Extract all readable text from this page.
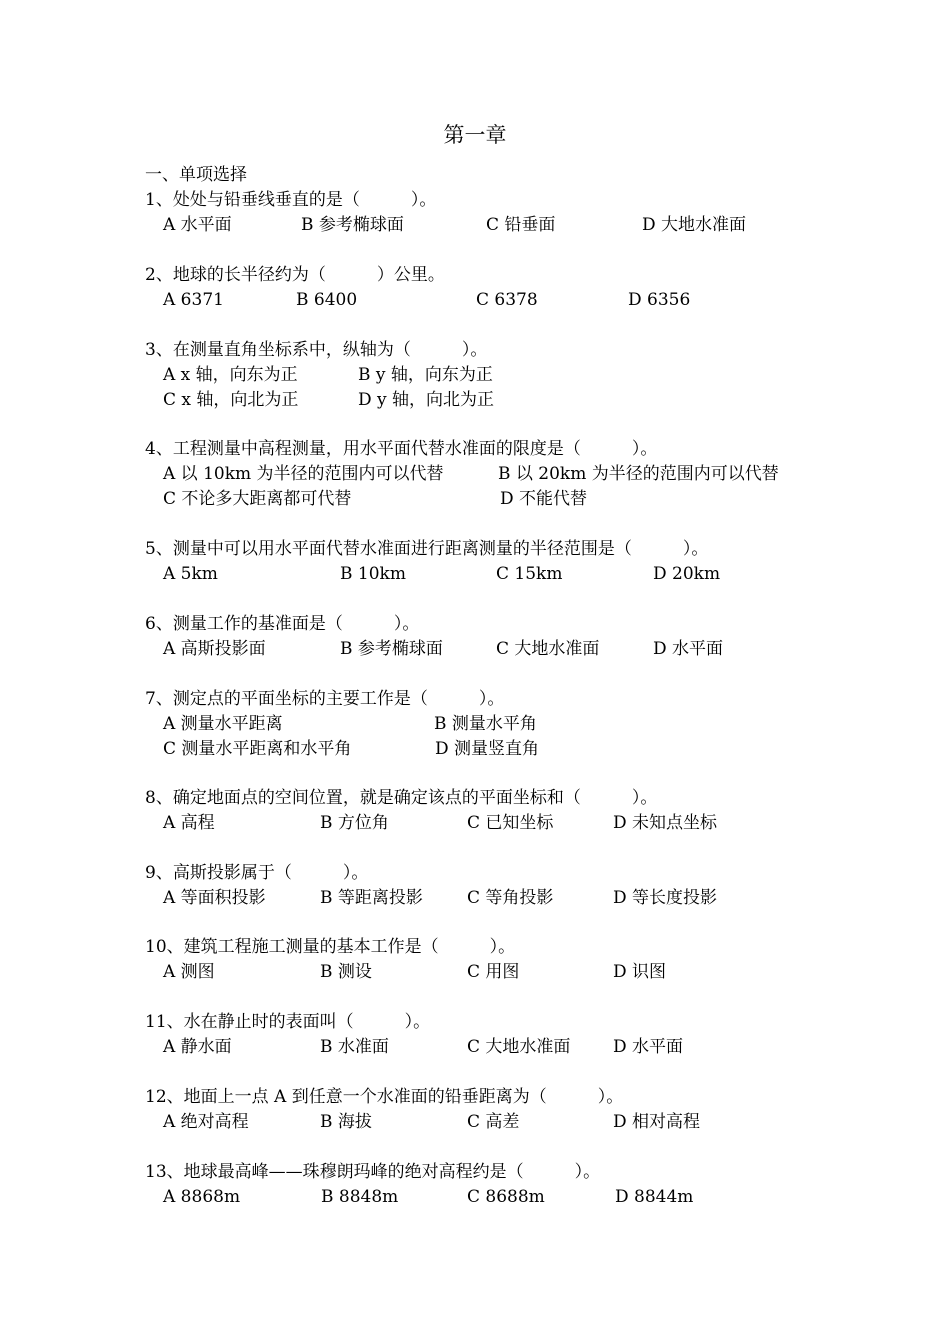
第一章
一、单项选择
1、处处与铅垂线垂直的是（　　　）。
A 水平面	B 参考椭球面	C 铅垂面	D 大地水准面
2、地球的长半径约为（　　　）公里。
A 6371	B 6400	C 6378	D 6356
3、在测量直角坐标系中，纵轴为（　　　）。
A x 轴，向东为正	B y 轴，向东为正
C x 轴，向北为正	D y 轴，向北为正
4、工程测量中高程测量，用水平面代替水准面的限度是（　　　）。
A 以 10km 为半径的范围内可以代替	B 以 20km 为半径的范围内可以代替
C 不论多大距离都可代替	D 不能代替
5、测量中可以用水平面代替水准面进行距离测量的半径范围是（　　　）。
A 5km	B 10km	C 15km	D 20km
6、测量工作的基准面是（　　　）。
A 高斯投影面	B 参考椭球面	C 大地水准面	D 水平面
7、测定点的平面坐标的主要工作是（　　　）。
A 测量水平距离	B 测量水平角
C 测量水平距离和水平角	D 测量竖直角
8、确定地面点的空间位置，就是确定该点的平面坐标和（　　　）。
A 高程	B 方位角	C 已知坐标	D 未知点坐标
9、高斯投影属于（　　　）。
A 等面积投影	B 等距离投影	C 等角投影	D 等长度投影
10、建筑工程施工测量的基本工作是（　　　）。
A 测图	B 测设	C 用图	D 识图
11、水在静止时的表面叫（　　　）。
A 静水面	B 水准面	C 大地水准面	D 水平面
12、地面上一点 A 到任意一个水准面的铅垂距离为（　　　）。
A 绝对高程	B 海拔	C 高差	D 相对高程
13、地球最高峰——珠穆朗玛峰的绝对高程约是（　　　）。
A 8868m	B 8848m	C 8688m	D 8844m
